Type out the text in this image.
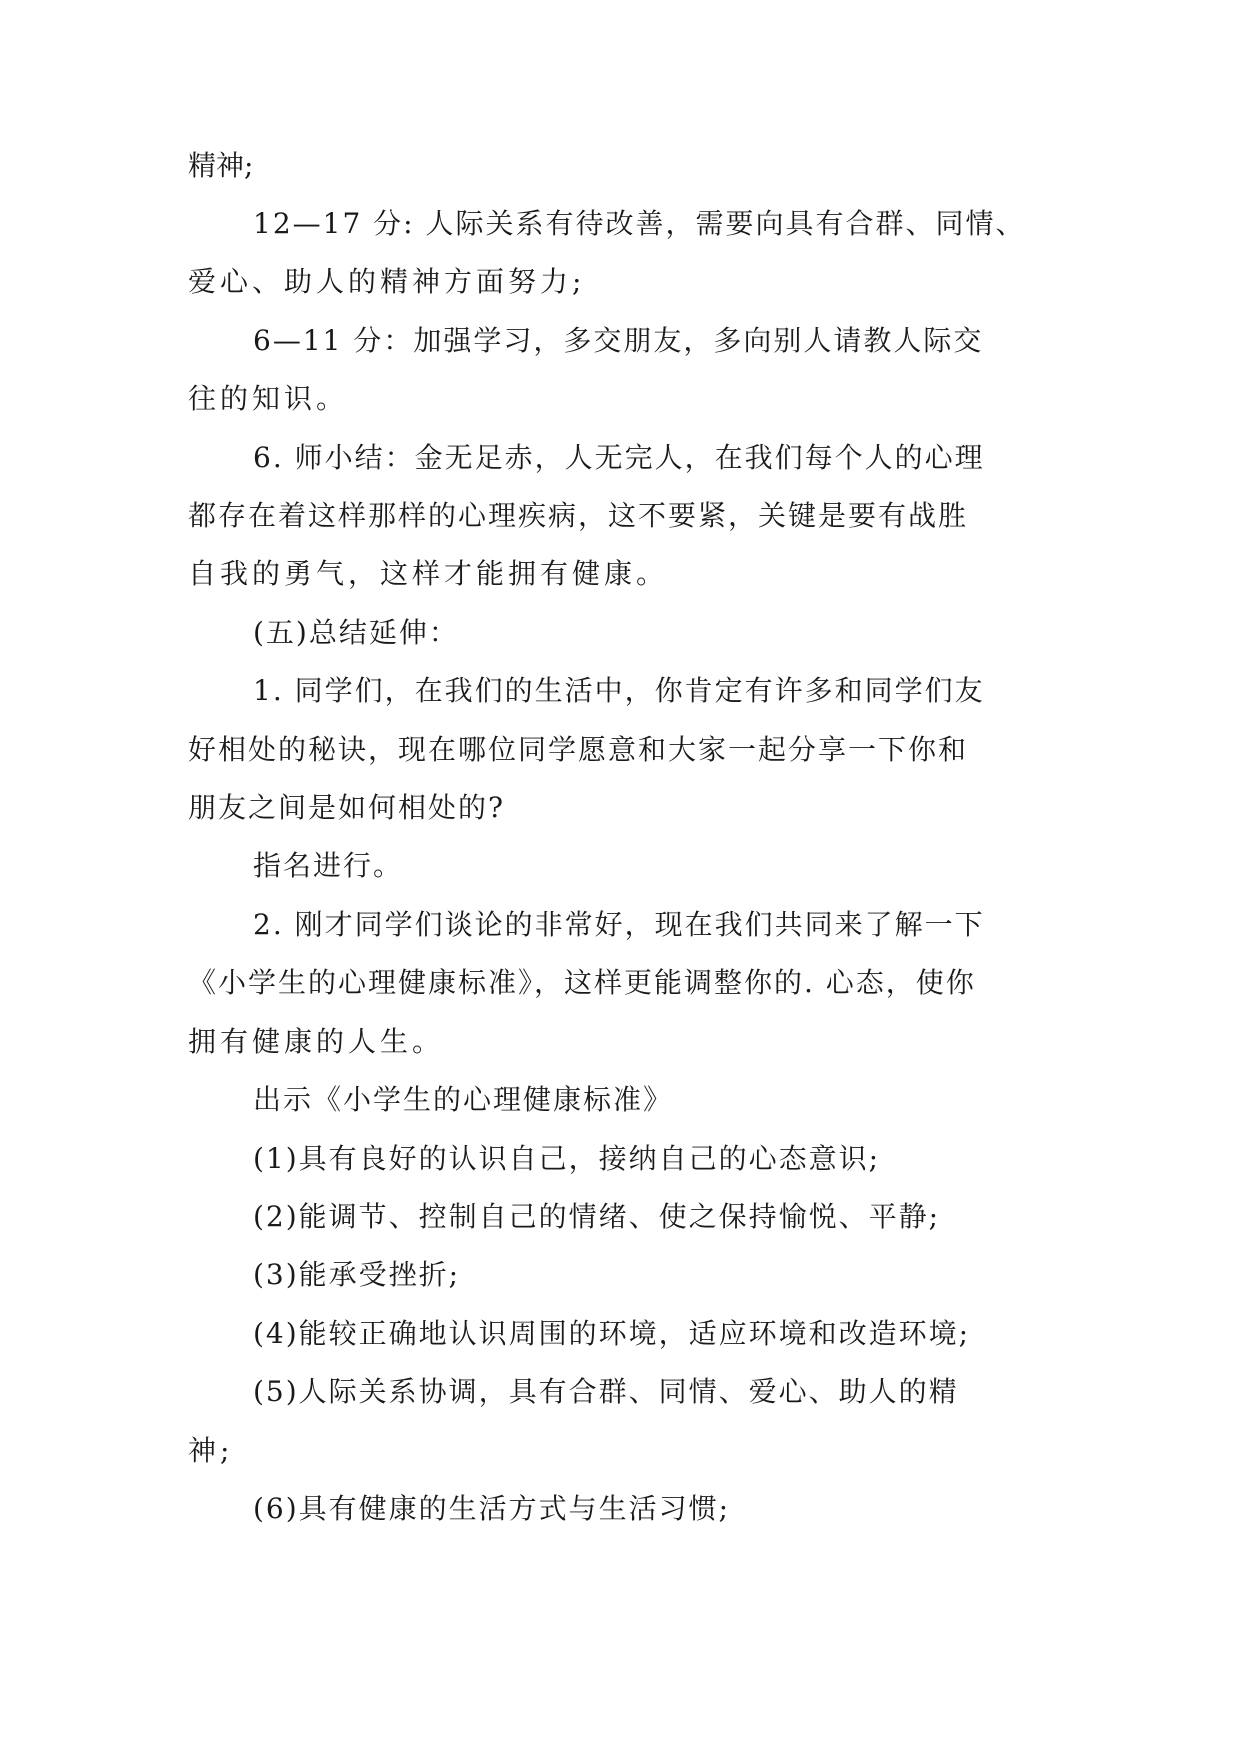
精神;
12—17 分: 人际关系有待改善，需要向具有合群、同情、
爱心、助人的精神方面努力;
6—11 分：加强学习，多交朋友，多向别人请教人际交
往的知识。
6. 师小结：金无足赤，人无完人，在我们每个人的心理
都存在着这样那样的心理疾病，这不要紧，关键是要有战胜
自我的勇气，这样才能拥有健康。
(五)总结延伸：
1. 同学们，在我们的生活中，你肯定有许多和同学们友
好相处的秘诀，现在哪位同学愿意和大家一起分享一下你和
朋友之间是如何相处的?
指名进行。
2. 刚才同学们谈论的非常好，现在我们共同来了解一下
《小学生的心理健康标准》，这样更能调整你的. 心态，使你
拥有健康的人生。
出示《小学生的心理健康标准》
(1)具有良好的认识自己，接纳自己的心态意识;
(2)能调节、控制自己的情绪、使之保持愉悦、平静;
(3)能承受挫折;
(4)能较正确地认识周围的环境，适应环境和改造环境;
(5)人际关系协调，具有合群、同情、爱心、助人的精
神;
(6)具有健康的生活方式与生活习惯;
